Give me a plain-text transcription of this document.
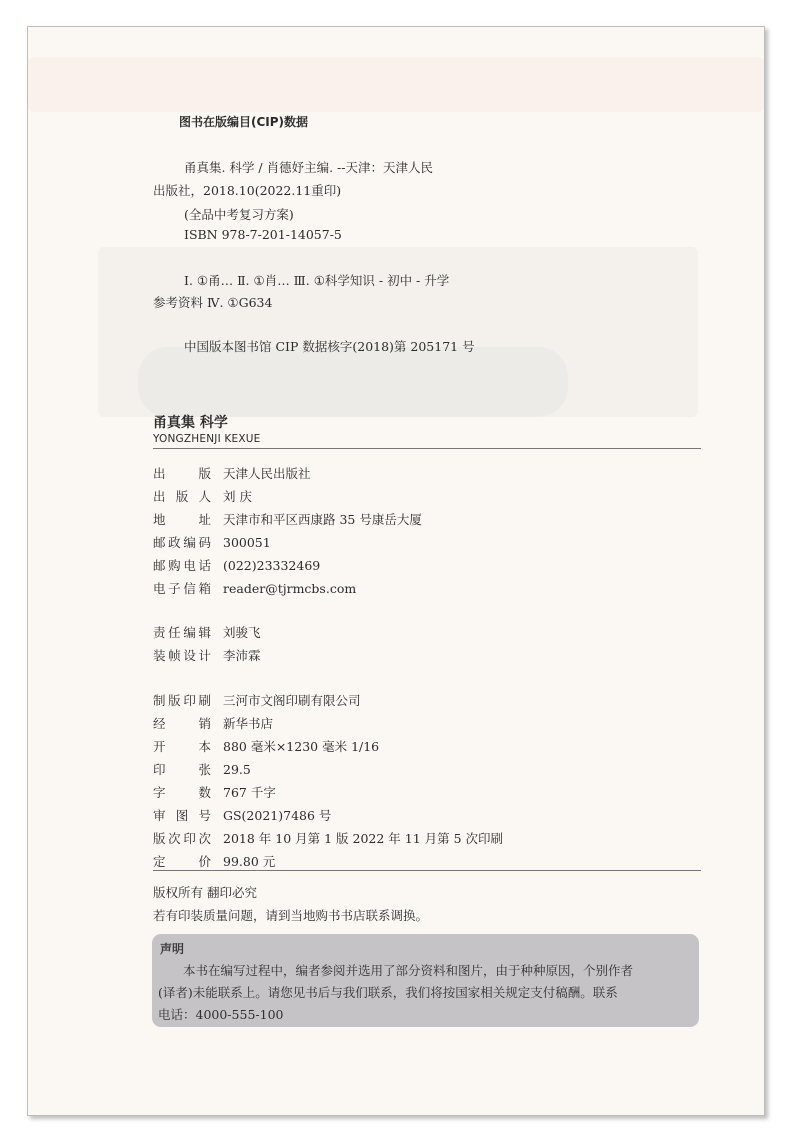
图书在版编目(CIP)数据
甬真集. 科学 / 肖德妤主编. --天津：天津人民
出版社，2018.10(2022.11重印)
(全品中考复习方案)
ISBN 978-7-201-14057-5
Ⅰ. ①甬… Ⅱ. ①肖… Ⅲ. ①科学知识 - 初中 - 升学
参考资料 Ⅳ. ①G634
中国版本图书馆 CIP 数据核字(2018)第 205171 号
甬真集 科学
YONGZHENJI KEXUE
出版 天津人民出版社
出版人 刘 庆
地址 天津市和平区西康路 35 号康岳大厦
邮政编码 300051
邮购电话 (022)23332469
电子信箱 reader@tjrmcbs.com
责任编辑 刘骏飞
装帧设计 李沛霖
制版印刷 三河市文阁印刷有限公司
经销 新华书店
开本 880 毫米×1230 毫米 1/16
印张 29.5
字数 767 千字
审图号 GS(2021)7486 号
版次印次 2018 年 10 月第 1 版 2022 年 11 月第 5 次印刷
定价 99.80 元
版权所有 翻印必究
若有印装质量问题，请到当地购书书店联系调换。
声明
　　本书在编写过程中，编者参阅并选用了部分资料和图片，由于种种原因，个别作者
(译者)未能联系上。请您见书后与我们联系，我们将按国家相关规定支付稿酬。联系
电话：4000-555-100
